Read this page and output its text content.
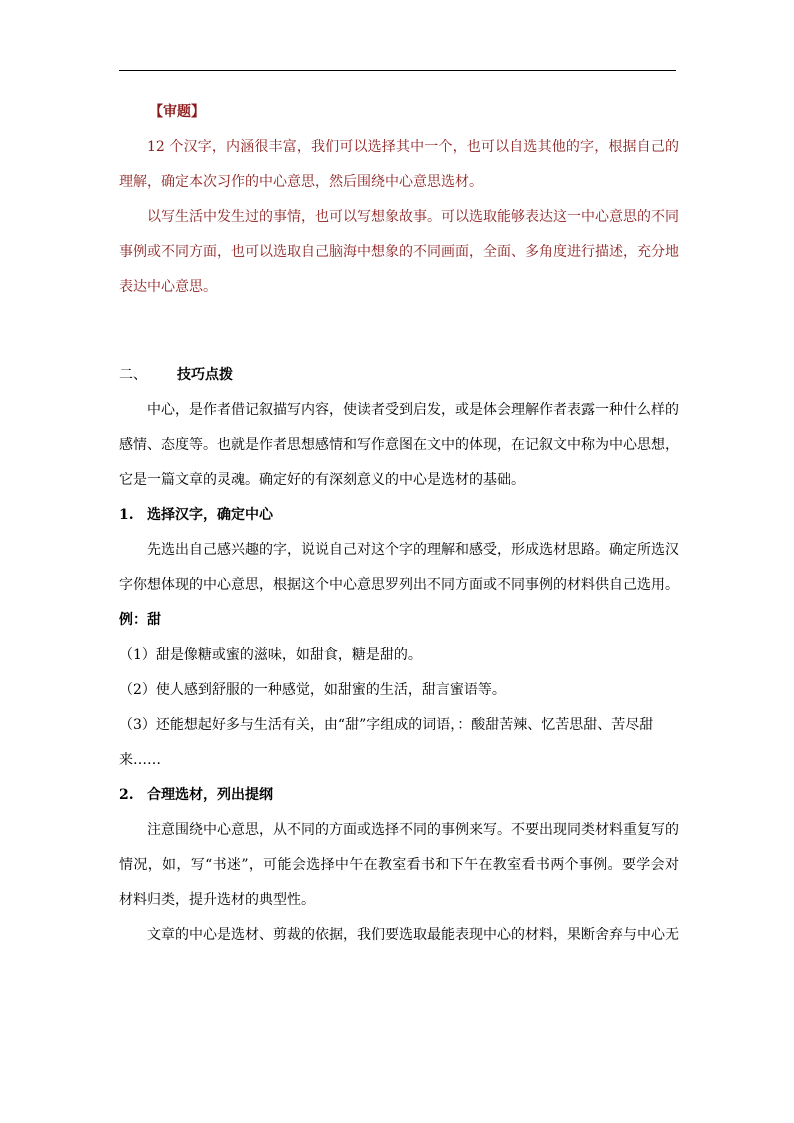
【审题】

12 个汉字，内涵很丰富，我们可以选择其中一个，也可以自选其他的字，根据自己的理解，确定本次习作的中心意思，然后围绕中心意思选材。

以写生活中发生过的事情，也可以写想象故事。可以选取能够表达这一中心意思的不同事例或不同方面，也可以选取自己脑海中想象的不同画面，全面、多角度进行描述，充分地表达中心意思。

二、	技巧点拨

中心，是作者借记叙描写内容，使读者受到启发，或是体会理解作者表露一种什么样的感情、态度等。也就是作者思想感情和写作意图在文中的体现，在记叙文中称为中心思想，它是一篇文章的灵魂。确定好的有深刻意义的中心是选材的基础。

1. 选择汉字，确定中心

先选出自己感兴趣的字，说说自己对这个字的理解和感受，形成选材思路。确定所选汉字你想体现的中心意思，根据这个中心意思罗列出不同方面或不同事例的材料供自己选用。

例：甜

（1）甜是像糖或蜜的滋味，如甜食，糖是甜的。

（2）使人感到舒服的一种感觉，如甜蜜的生活，甜言蜜语等。

（3）还能想起好多与生活有关，由“甜”字组成的词语，：酸甜苦辣、忆苦思甜、苦尽甜来……

2. 合理选材，列出提纲

注意围绕中心意思，从不同的方面或选择不同的事例来写。不要出现同类材料重复写的情况，如，写“书迷”，可能会选择中午在教室看书和下午在教室看书两个事例。要学会对材料归类，提升选材的典型性。

文章的中心是选材、剪裁的依据，我们要选取最能表现中心的材料，果断舍弃与中心无
